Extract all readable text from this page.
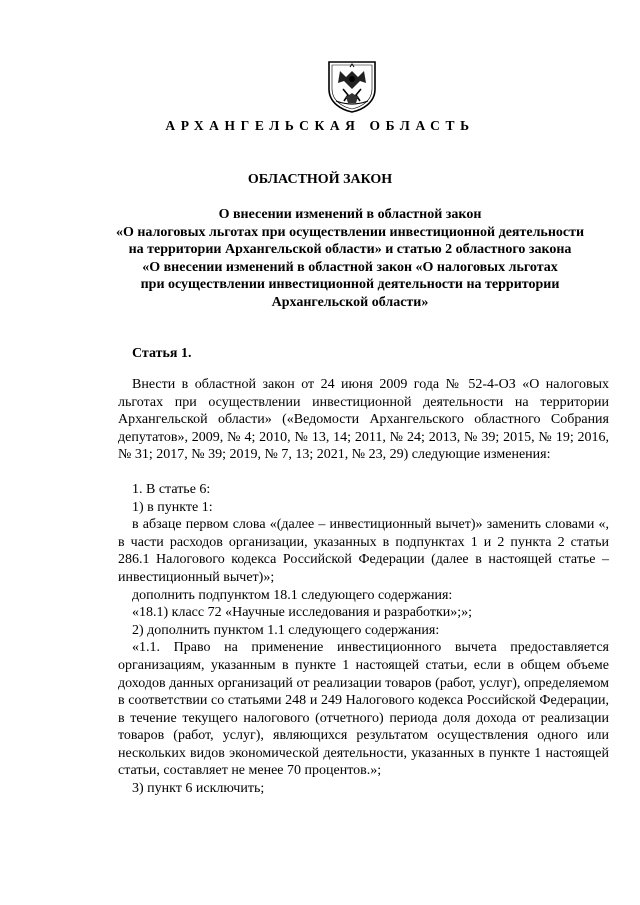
АРХАНГЕЛЬСКАЯ ОБЛАСТЬ
ОБЛАСТНОЙ ЗАКОН
О внесении изменений в областной закон
«О налоговых льготах при осуществлении инвестиционной деятельности
на территории Архангельской области» и статью 2 областного закона
«О внесении изменений в областной закон «О налоговых льготах
при осуществлении инвестиционной деятельности на территории
Архангельской области»
Статья 1.

Внести в областной закон от 24 июня 2009 года № 52-4-ОЗ «О налоговых льготах при осуществлении инвестиционной деятельности на территории Архангельской области» («Ведомости Архангельского областного Собрания депутатов», 2009, № 4; 2010, № 13, 14; 2011, № 24; 2013, № 39; 2015, № 19; 2016, № 31; 2017, № 39; 2019, № 7, 13; 2021, № 23, 29) следующие изменения:

1. В статье 6:

1) в пункте 1:

в абзаце первом слова «(далее – инвестиционный вычет)» заменить словами «, в части расходов организации, указанных в подпунктах 1 и 2 пункта 2 статьи 286.1 Налогового кодекса Российской Федерации (далее в настоящей статье – инвестиционный вычет)»;

дополнить подпунктом 18.1 следующего содержания:

«18.1) класс 72 «Научные исследования и разработки»;»;

2) дополнить пунктом 1.1 следующего содержания:

«1.1. Право на применение инвестиционного вычета предоставляется организациям, указанным в пункте 1 настоящей статьи, если в общем объеме доходов данных организаций от реализации товаров (работ, услуг), определяемом в соответствии со статьями 248 и 249 Налогового кодекса Российской Федерации, в течение текущего налогового (отчетного) периода доля дохода от реализации товаров (работ, услуг), являющихся результатом осуществления одного или нескольких видов экономической деятельности, указанных в пункте 1 настоящей статьи, составляет не менее 70 процентов.»;

3) пункт 6 исключить;
